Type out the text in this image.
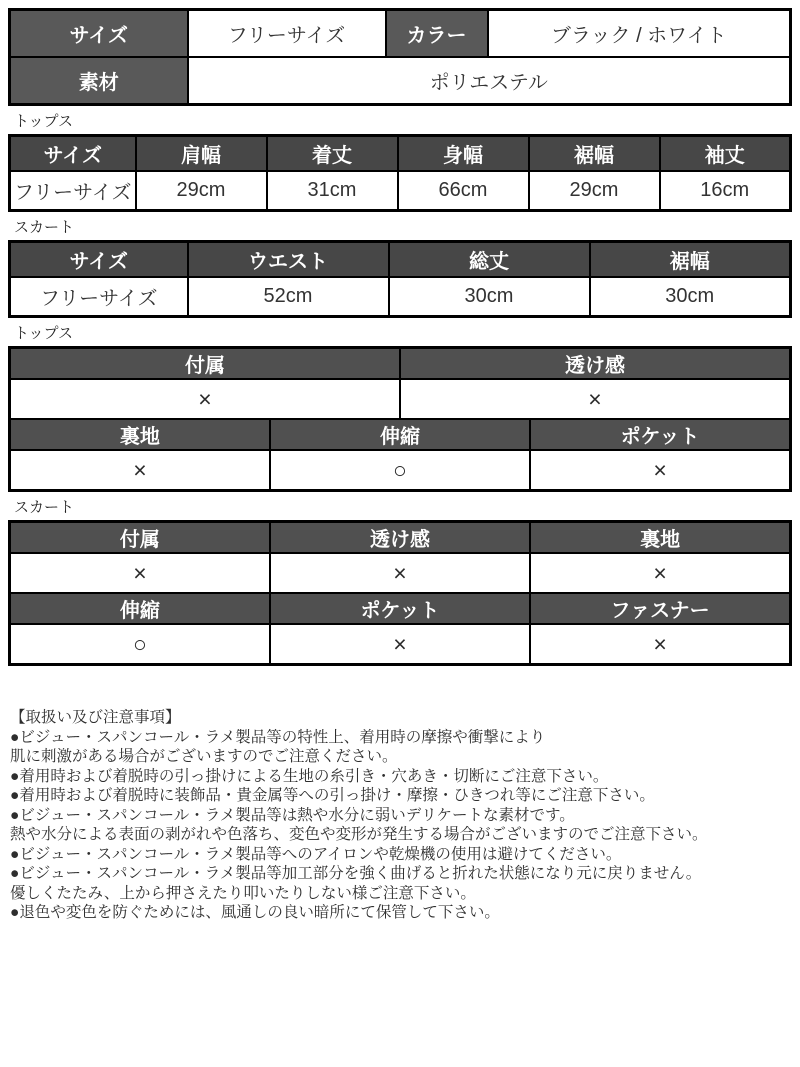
サイズ	フリーサイズ	カラー	ブラック / ホワイト
素材	ポリエステル		
トップス
サイズ	肩幅	着丈	身幅	裾幅	袖丈
フリーサイズ	29cm	31cm	66cm	29cm	16cm
スカート
サイズ	ウエスト	総丈	裾幅
フリーサイズ	52cm	30cm	30cm
トップス
付属		透け感	
×		×	
裏地	伸縮		ポケット
×	○		×
スカート
付属	透け感	裏地
×	×	×
伸縮	ポケット	ファスナー
○	×	×
【取扱い及び注意事項】
●ビジュー・スパンコール・ラメ製品等の特性上、着用時の摩擦や衝撃により
肌に刺激がある場合がございますのでご注意ください。
●着用時および着脱時の引っ掛けによる生地の糸引き・穴あき・切断にご注意下さい。
●着用時および着脱時に装飾品・貴金属等への引っ掛け・摩擦・ひきつれ等にご注意下さい。
●ビジュー・スパンコール・ラメ製品等は熱や水分に弱いデリケートな素材です。
熱や水分による表面の剥がれや色落ち、変色や変形が発生する場合がございますのでご注意下さい。
●ビジュー・スパンコール・ラメ製品等へのアイロンや乾燥機の使用は避けてください。
●ビジュー・スパンコール・ラメ製品等加工部分を強く曲げると折れた状態になり元に戻りません。
優しくたたみ、上から押さえたり叩いたりしない様ご注意下さい。
●退色や変色を防ぐためには、風通しの良い暗所にて保管して下さい。
